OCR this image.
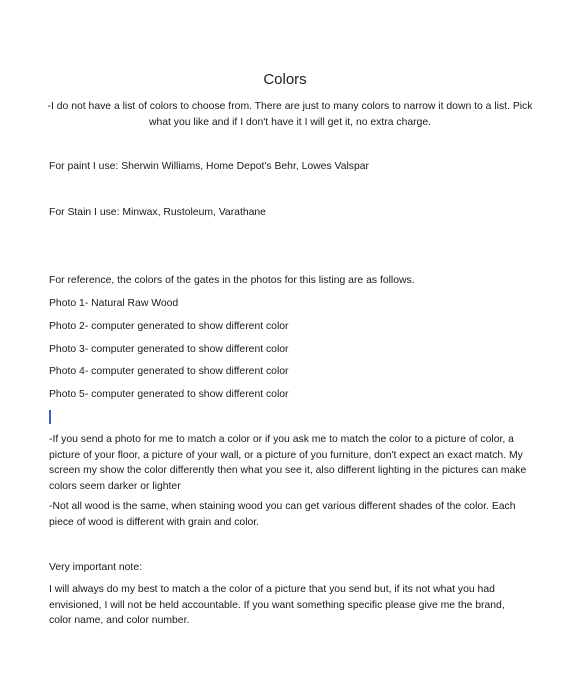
Colors
-I do not have a list of colors to choose from. There are just to many colors to narrow it down to a list. Pick what you like and if I don't have it I will get it, no extra charge.
For paint I use: Sherwin Williams, Home Depot's Behr, Lowes Valspar
For Stain I use: Minwax, Rustoleum, Varathane
For reference, the colors of the gates in the photos for this listing are as follows.
Photo 1- Natural Raw Wood
Photo 2- computer generated to show different color
Photo 3- computer generated to show different color
Photo 4- computer generated to show different color
Photo 5- computer generated to show different color
-If you send a photo for me to match a color or if you ask me to match the color to a picture of color, a picture of your floor, a picture of your wall, or a picture of you furniture, don't expect an exact match. My screen my show the color differently then what you see it, also different lighting in the pictures can make colors seem darker or lighter
-Not all wood is the same, when staining wood you can get various different shades of the color. Each piece of wood is different with grain and color.
Very important note:
I will always do my best to match a the color of a picture that you send but, if its not what you had envisioned, I will not be held accountable. If you want something specific please give me the brand, color name, and color number.
